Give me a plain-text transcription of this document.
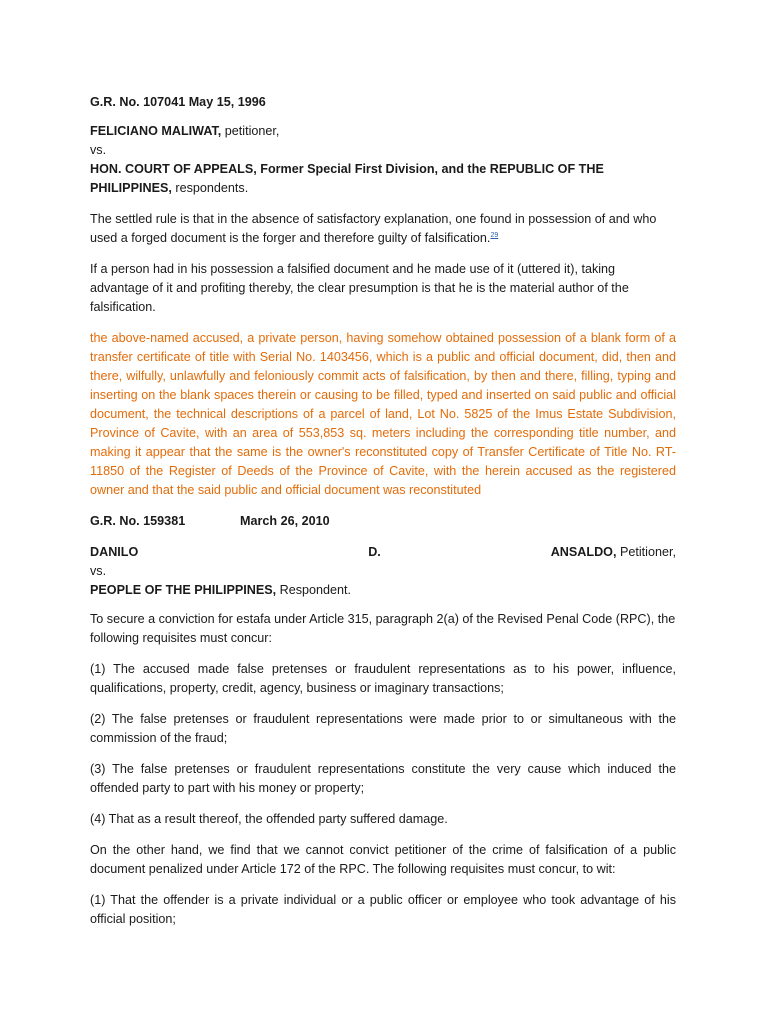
G.R. No. 107041 May 15, 1996

FELICIANO MALIWAT, petitioner,
vs.
HON. COURT OF APPEALS, Former Special First Division, and the REPUBLIC OF THE PHILIPPINES, respondents.

The settled rule is that in the absence of satisfactory explanation, one found in possession of and who used a forged document is the forger and therefore guilty of falsification.$^{29}$

If a person had in his possession a falsified document and he made use of it (uttered it), taking advantage of it and profiting thereby, the clear presumption is that he is the material author of the falsification.

the above-named accused, a private person, having somehow obtained possession of a blank form of a transfer certificate of title with Serial No. 1403456, which is a public and official document, did, then and there, wilfully, unlawfully and feloniously commit acts of falsification, by then and there, filling, typing and inserting on the blank spaces therein or causing to be filled, typed and inserted on said public and official document, the technical descriptions of a parcel of land, Lot No. 5825 of the Imus Estate Subdivision, Province of Cavite, with an area of 553,853 sq. meters including the corresponding title number, and making it appear that the same is the owner's reconstituted copy of Transfer Certificate of Title No. RT-11850 of the Register of Deeds of the Province of Cavite, with the herein accused as the registered owner and that the said public and official document was reconstituted

G.R. No. 159381	March 26, 2010

DANILO	D.	ANSALDO, Petitioner,
vs.
PEOPLE OF THE PHILIPPINES, Respondent.

To secure a conviction for estafa under Article 315, paragraph 2(a) of the Revised Penal Code (RPC), the following requisites must concur:

(1) The accused made false pretenses or fraudulent representations as to his power, influence, qualifications, property, credit, agency, business or imaginary transactions;

(2) The false pretenses or fraudulent representations were made prior to or simultaneous with the commission of the fraud;

(3) The false pretenses or fraudulent representations constitute the very cause which induced the offended party to part with his money or property;

(4) That as a result thereof, the offended party suffered damage.

On the other hand, we find that we cannot convict petitioner of the crime of falsification of a public document penalized under Article 172 of the RPC. The following requisites must concur, to wit:

(1) That the offender is a private individual or a public officer or employee who took advantage of his official position;
